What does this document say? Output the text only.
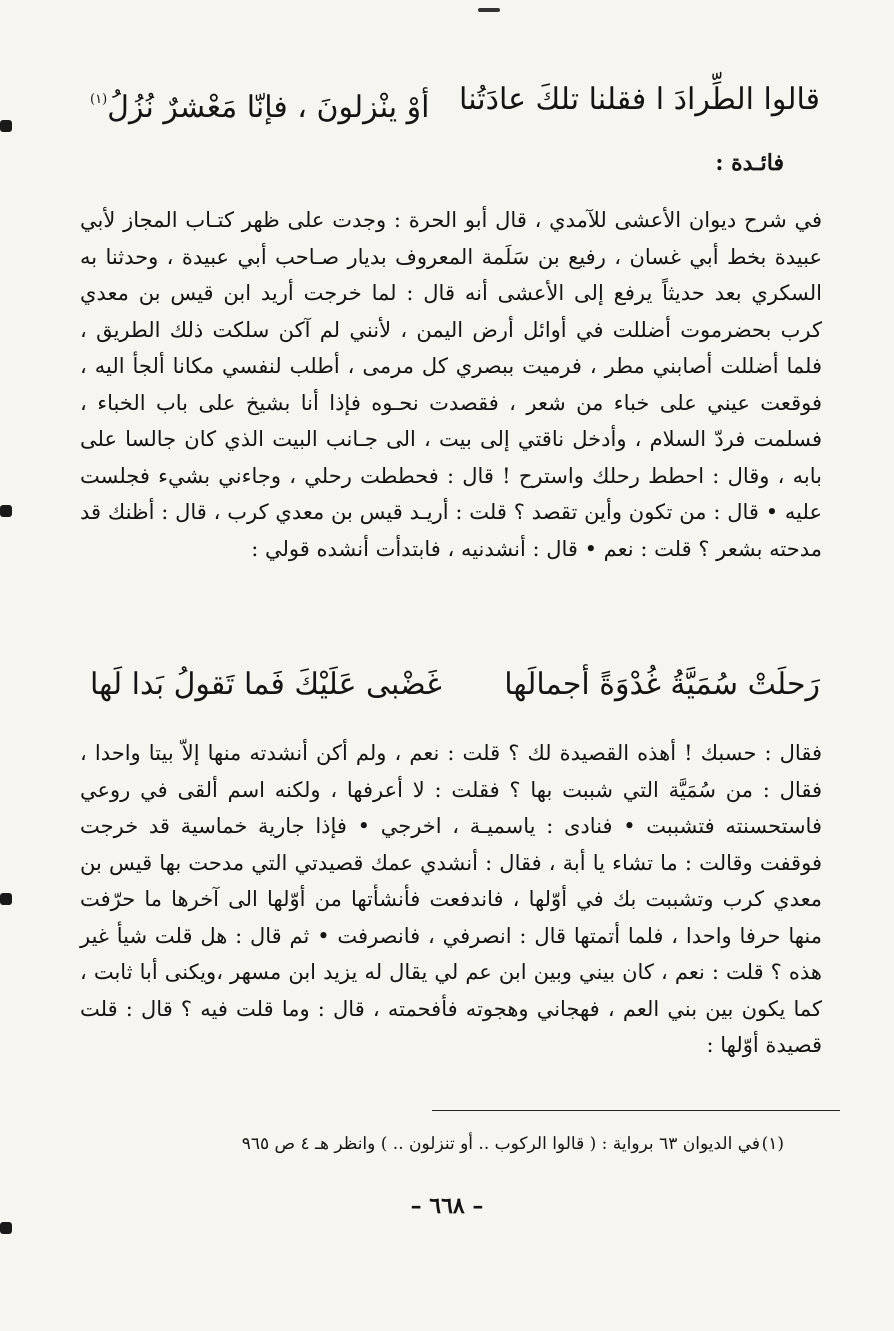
قالوا الطِّرادَ ا فقلنا تلكَ عادَتُنا
أوْ ينْزلونَ ، فإنّا مَعْشرٌ نُزُلُ$^{(١)}$
فائـدة :
في شرح ديوان الأعشى للآمدي ، قال أبو الحرة : وجدت على ظهر كتـاب المجاز لأبي عبيدة بخط أبي غسان ، رفيع بن سَلَمة المعروف بديار صـاحب أبي عبيدة ، وحدثنا به السكري بعد حديثاً يرفع إلى الأعشى أنه قال : لما خرجت أريد ابن قيس بن معدي كرب بحضرموت أضللت في أوائل أرض اليمن ، لأنني لم آكن سلكت ذلك الطريق ، فلما أضللت أصابني مطر ، فرميت ببصري كل مرمى ، أطلب لنفسي مكانا ألجأ اليه ، فوقعت عيني على خباء من شعر ، فقصدت نحـوه فإذا أنا بشيخ على باب الخباء ، فسلمت فردّ السلام ، وأدخل ناقتي إلى بيت ، الى جـانب البيت الذي كان جالسا على بابه ، وقال : احطط رحلك واسترح ! قال : فحططت رحلي ، وجاءني بشيء فجلست عليه • قال : من تكون وأين تقصد ؟ قلت : أريـد قيس بن معدي كرب ، قال : أظنك قد مدحته بشعر ؟ قلت : نعم • قال : أنشدنيه ، فابتدأت أنشده قولي :
رَحلَتْ سُمَيَّةُ غُدْوَةً أجمالَها
غَضْبى عَلَيْكَ فَما تَقولُ بَدا لَها
فقال : حسبك ! أهذه القصيدة لك ؟ قلت : نعم ، ولم أكن أنشدته منها إلاّ بيتا واحدا ، فقال : من سُمَيَّة التي شببت بها ؟ فقلت : لا أعرفها ، ولكنه اسم ألقى في روعي فاستحسنته فتشببت • فنادى : ياسميـة ، اخرجي • فإذا جارية خماسية قد خرجت فوقفت وقالت : ما تشاء يا أبة ، فقال : أنشدي عمك قصيدتي التي مدحت بها قيس بن معدي كرب وتشببت بك في أوّلها ، فاندفعت فأنشأتها من أوّلها الى آخرها ما حرّفت منها حرفا واحدا ، فلما أتمتها قال : انصرفي ، فانصرفت • ثم قال : هل قلت شيأ غير هذه ؟ قلت : نعم ، كان بيني وبين ابن عم لي يقال له يزيد ابن مسهر ،ويكنى أبا ثابت ، كما يكون بين بني العم ، فهجاني وهجوته فأفحمته ، قال : وما قلت فيه ؟ قال : قلت قصيدة أوّلها :
(١)
في الديوان ٦٣ برواية : ( قالوا الركوب .. أو تنزلون .. ) وانظر هـ ٤ ص ٩٦٥
– ٦٦٨ –
